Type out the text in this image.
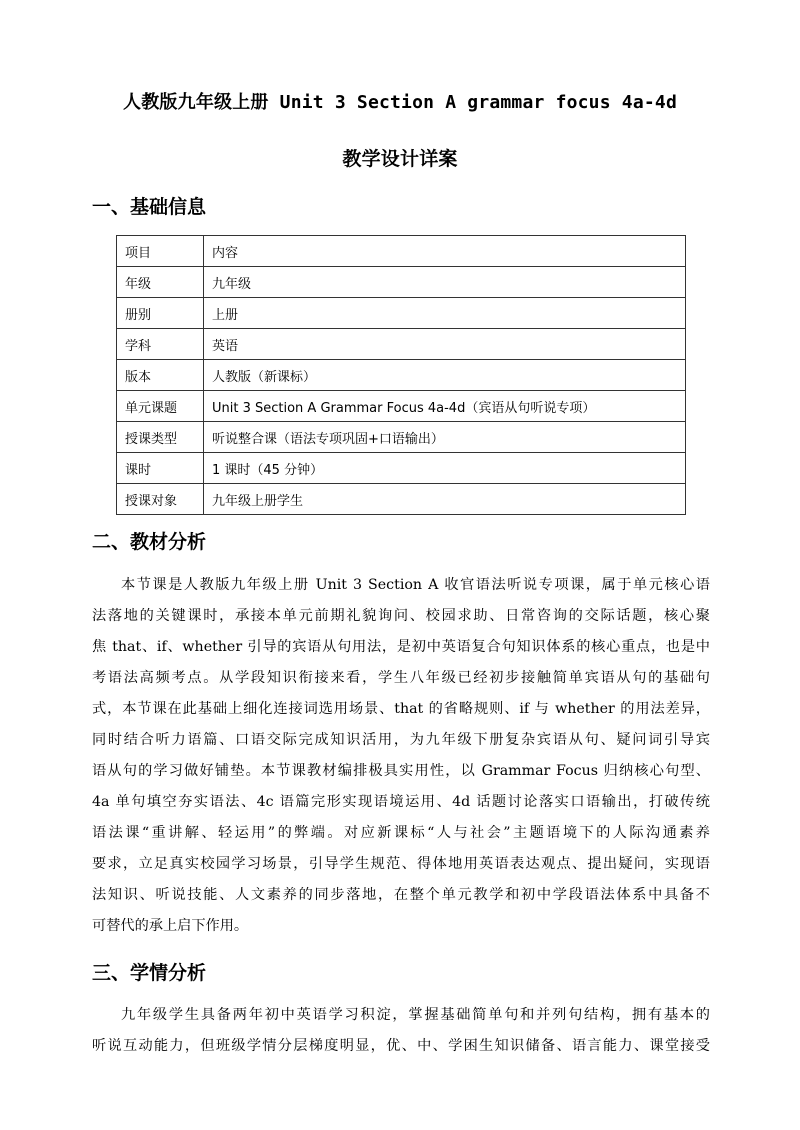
人教版九年级上册 Unit 3 Section A grammar focus 4a-4d
教学设计详案
一、基础信息
项目	内容
年级	九年级
册别	上册
学科	英语
版本	人教版（新课标）
单元课题	Unit 3 Section A Grammar Focus 4a-4d（宾语从句听说专项）
授课类型	听说整合课（语法专项巩固+口语输出）
课时	1 课时（45 分钟）
授课对象	九年级上册学生
二、教材分析
本节课是人教版九年级上册 Unit 3 Section A 收官语法听说专项课，属于单元核心语
法落地的关键课时，承接本单元前期礼貌询问、校园求助、日常咨询的交际话题，核心聚
焦 that、if、whether 引导的宾语从句用法，是初中英语复合句知识体系的核心重点，也是中
考语法高频考点。从学段知识衔接来看，学生八年级已经初步接触简单宾语从句的基础句
式，本节课在此基础上细化连接词选用场景、that 的省略规则、if 与 whether 的用法差异，
同时结合听力语篇、口语交际完成知识活用，为九年级下册复杂宾语从句、疑问词引导宾
语从句的学习做好铺垫。本节课教材编排极具实用性，以 Grammar Focus 归纳核心句型、
4a 单句填空夯实语法、4c 语篇完形实现语境运用、4d 话题讨论落实口语输出，打破传统
语法课“重讲解、轻运用”的弊端。对应新课标“人与社会”主题语境下的人际沟通素养
要求，立足真实校园学习场景，引导学生规范、得体地用英语表达观点、提出疑问，实现语
法知识、听说技能、人文素养的同步落地，在整个单元教学和初中学段语法体系中具备不
可替代的承上启下作用。
三、学情分析
九年级学生具备两年初中英语学习积淀，掌握基础简单句和并列句结构，拥有基本的
听说互动能力，但班级学情分层梯度明显，优、中、学困生知识储备、语言能力、课堂接受
